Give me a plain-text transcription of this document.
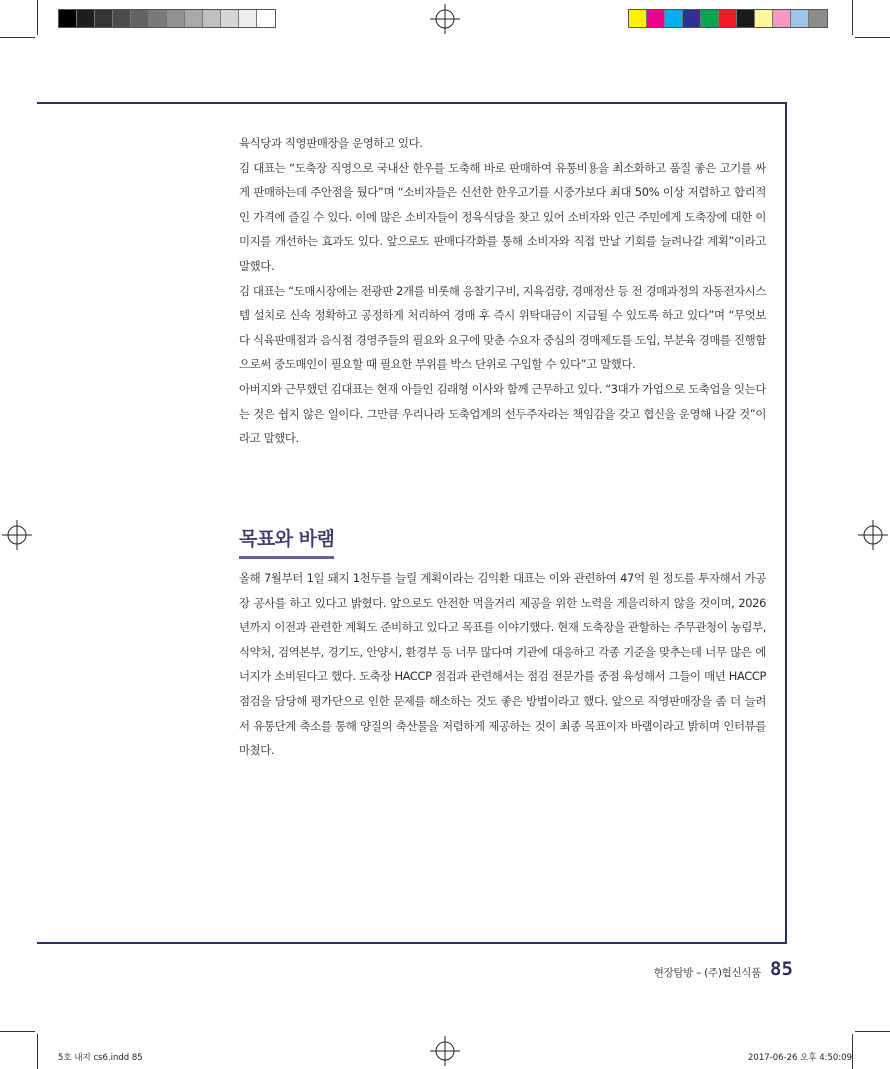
육식당과 직영판매장을 운영하고 있다.

김 대표는 “도축장 직영으로 국내산 한우를 도축해 바로 판매하여 유통비용을 최소화하고 품질 좋은 고기를 싸게 판매하는데 주안점을 뒀다”며 “소비자들은 신선한 한우고기를 시중가보다 최대 50% 이상 저렴하고 합리적인 가격에 즐길 수 있다. 이에 많은 소비자들이 정육식당을 찾고 있어 소비자와 인근 주민에게 도축장에 대한 이미지를 개선하는 효과도 있다. 앞으로도 판매다각화를 통해 소비자와 직접 만날 기회를 늘려나갈 계획”이라고 말했다.

김 대표는 “도매시장에는 전광판 2개를 비롯해 응찰기구비, 지육검량, 경매정산 등 전 경매과정의 자동전자시스템 설치로 신속 정확하고 공정하게 처리하여 경매 후 즉시 위탁대금이 지급될 수 있도록 하고 있다”며 “무엇보다 식육판매점과 음식점 경영주들의 필요와 요구에 맞춘 수요자 중심의 경매제도를 도입, 부분육 경매를 진행함으로써 중도매인이 필요할 때 필요한 부위를 박스 단위로 구입할 수 있다”고 말했다.

아버지와 근무했던 김대표는 현재 아들인 김래형 이사와 함께 근무하고 있다. “3대가 가업으로 도축업을 잇는다는 것은 쉽지 않은 일이다. 그만큼 우리나라 도축업계의 선두주자라는 책임감을 갖고 협신을 운영해 나갈 것”이라고 말했다.

목표와 바램

올해 7월부터 1일 돼지 1천두를 늘릴 계획이라는 김익환 대표는 이와 관련하여 47억 원 정도를 투자해서 가공장 공사를 하고 있다고 밝혔다. 앞으로도 안전한 먹을거리 제공을 위한 노력을 게을리하지 않을 것이며, 2026년까지 이전과 관련한 계획도 준비하고 있다고 목표를 이야기했다. 현재 도축장을 관할하는 주무관청이 농림부, 식약처, 검역본부, 경기도, 안양시, 환경부 등 너무 많다며 기관에 대응하고 각종 기준을 맞추는데 너무 많은 에너지가 소비된다고 했다. 도축장 HACCP 점검과 관련해서는 점검 전문가를 중점 육성해서 그들이 매년 HACCP 점검을 담당해 평가단으로 인한 문제를 해소하는 것도 좋은 방법이라고 했다. 앞으로 직영판매장을 좀 더 늘려서 유통단계 축소를 통해 양질의 축산물을 저렴하게 제공하는 것이 최종 목표이자 바램이라고 밝히며 인터뷰를 마쳤다.

현장탐방 – (주)협신식품 85
5호 내지 cs6.indd 85	2017-06-26 오후 4:50:09
